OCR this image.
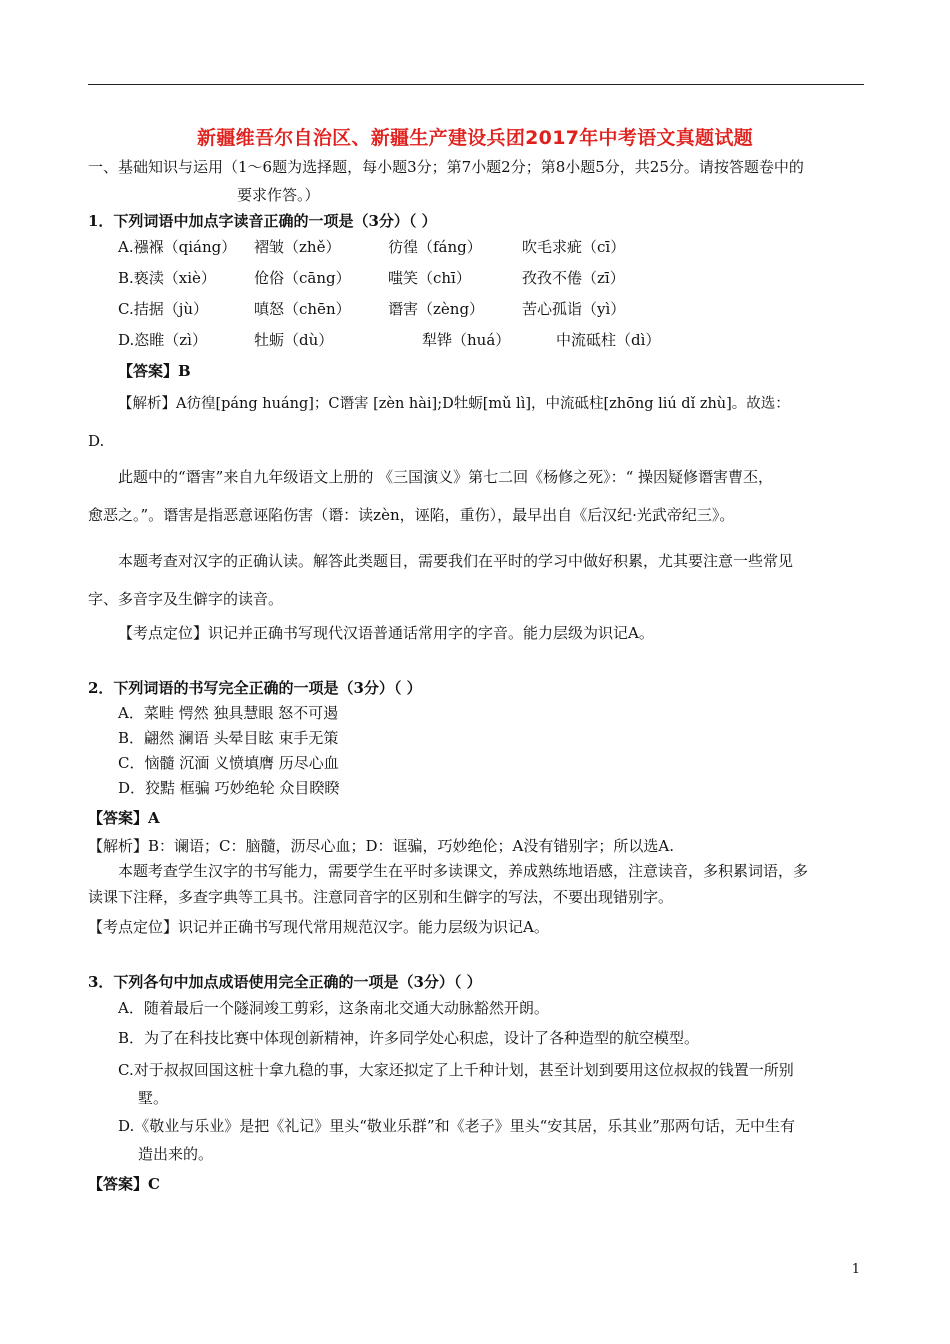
新疆维吾尔自治区、新疆生产建设兵团2017年中考语文真题试题
一、基础知识与运用（1～6题为选择题，每小题3分；第7小题2分；第8小题5分，共25分。请按答题卷中的
要求作答。）
1．下列词语中加点字读音正确的一项是（3分）（ ）
A.襁褓（qiáng） 褶皱（zhě）	彷徨（fáng）	吹毛求疵（cī）
B.亵渎（xiè）	伧俗（cāng） 嗤笑（chī）	孜孜不倦（zī）
C.拮据（jù）	嗔怒（chēn） 谮害（zèng）	苦心孤诣（yì）
D.恣睢（zì）	牡蛎（dù）	犁铧（huá）	中流砥柱（dì）
【答案】B
【解析】A彷徨[páng huáng]；C谮害 [zèn hài];D牡蛎[mǔ lì]，中流砥柱[zhōng liú dǐ zhù]。故选：
D.
此题中的“谮害”来自九年级语文上册的 《三国演义》第七二回《杨修之死》：“ 操因疑修谮害曹丕，
愈恶之。”。谮害是指恶意诬陷伤害（谮：读zèn，诬陷，重伤），最早出自《后汉纪·光武帝纪三》。
本题考查对汉字的正确认读。解答此类题目，需要我们在平时的学习中做好积累，尤其要注意一些常见
字、多音字及生僻字的读音。
【考点定位】识记并正确书写现代汉语普通话常用字的字音。能力层级为识记A。
2．下列词语的书写完全正确的一项是（3分）（ ）
A．菜畦 愕然 独具慧眼 怒不可遏
B．翩然 澜语 头晕目眩 束手无策
C．恼髓 沉湎 义愤填膺 历尽心血
D．狡黠 框骗 巧妙绝轮 众目睽睽
【答案】A
【解析】B：谰语；C：脑髓，沥尽心血；D：诓骗，巧妙绝伦；A没有错别字；所以选A.
本题考查学生汉字的书写能力，需要学生在平时多读课文，养成熟练地语感，注意读音，多积累词语，多
读课下注释，多查字典等工具书。注意同音字的区别和生僻字的写法，不要出现错别字。
【考点定位】识记并正确书写现代常用规范汉字。能力层级为识记A。
3．下列各句中加点成语使用完全正确的一项是（3分）（ ）
A．随着最后一个隧洞竣工剪彩，这条南北交通大动脉豁然开朗。
B．为了在科技比赛中体现创新精神，许多同学处心积虑，设计了各种造型的航空模型。
C.对于叔叔回国这桩十拿九稳的事，大家还拟定了上千种计划，甚至计划到要用这位叔叔的钱置一所别
墅。
D.《敬业与乐业》是把《礼记》里头“敬业乐群”和《老子》里头“安其居，乐其业”那两句话，无中生有
造出来的。
【答案】C
1
